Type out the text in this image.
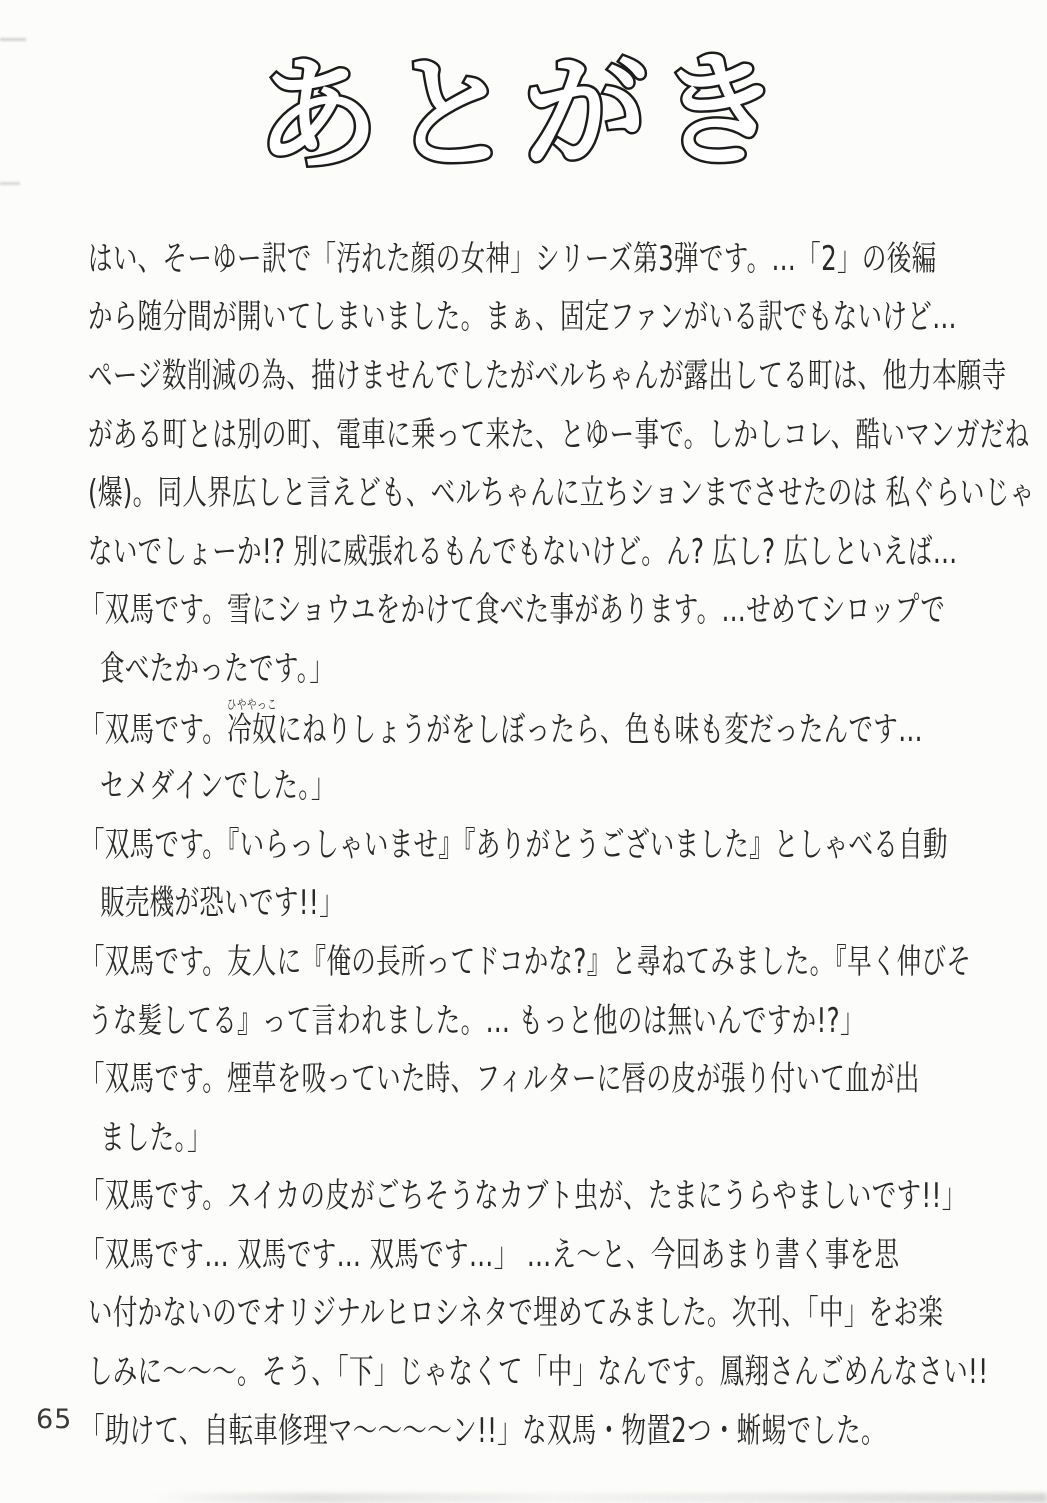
あとがき
はい、そーゆー訳で「汚れた顔の女神」シリーズ第3弾です。…「2」の後編
から随分間が開いてしまいました。まぁ、固定ファンがいる訳でもないけど…
ページ数削減の為、描けませんでしたがベルちゃんが露出してる町は、他力本願寺
がある町とは別の町、電車に乗って来た、とゆー事で。しかしコレ、酷いマンガだね
(爆)。同人界広しと言えども、ベルちゃんに立ちションまでさせたのは 私ぐらいじゃ
ないでしょーか!? 別に威張れるもんでもないけど。ん? 広し? 広しといえば…
「双馬です。雪にショウユをかけて食べた事があります。…せめてシロップで
食べたかったです。」
「双馬です。冷奴ひややっこにねりしょうがをしぼったら、色も味も変だったんです…
セメダインでした。」
「双馬です。『いらっしゃいませ』『ありがとうございました』としゃべる自動
販売機が恐いです!!」
「双馬です。友人に『俺の長所ってドコかな?』と尋ねてみました。『早く伸びそ
うな髪してる』って言われました。… もっと他のは無いんですか!?」
「双馬です。煙草を吸っていた時、フィルターに唇の皮が張り付いて血が出
ました。」
「双馬です。スイカの皮がごちそうなカブト虫が、たまにうらやましいです!!」
「双馬です… 双馬です… 双馬です…」 …え〜と、今回あまり書く事を思
い付かないのでオリジナルヒロシネタで埋めてみました。次刊、「中」をお楽
しみに〜〜〜。そう、「下」じゃなくて「中」なんです。鳳翔さんごめんなさい!!
「助けて、自転車修理マ〜〜〜〜ン!!」な双馬・物置2つ・蜥蜴でした。
65
